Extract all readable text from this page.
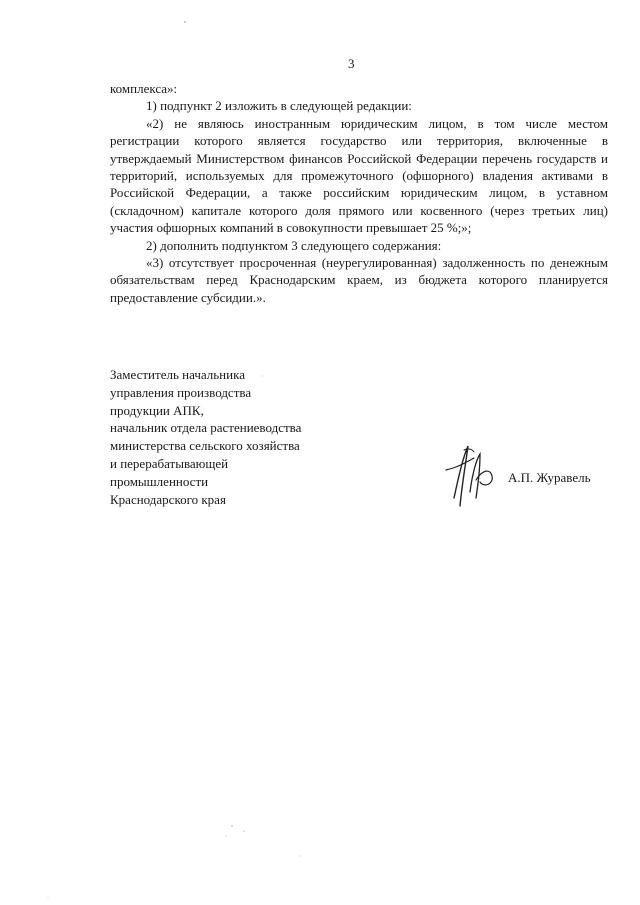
3

комплекса»:

1) подпункт 2 изложить в следующей редакции:

«2) не являюсь иностранным юридическим лицом, в том числе местом регистрации которого является государство или территория, включенные в утверждаемый Министерством финансов Российской Федерации перечень государств и территорий, используемых для промежуточного (офшорного) владения активами в Российской Федерации, а также российским юридическим лицом, в уставном (складочном) капитале которого доля прямого или косвенного (через третьих лиц) участия офшорных компаний в совокупности превышает 25 %;»;

2) дополнить подпунктом 3 следующего содержания:

«3) отсутствует просроченная (неурегулированная) задолженность по денежным обязательствам перед Краснодарским краем, из бюджета которого планируется предоставление субсидии.».

Заместитель начальника
управления производства
продукции АПК,
начальник отдела растениеводства
министерства сельского хозяйства
и перерабатывающей
промышленности
Краснодарского края
А.П. Журавель
